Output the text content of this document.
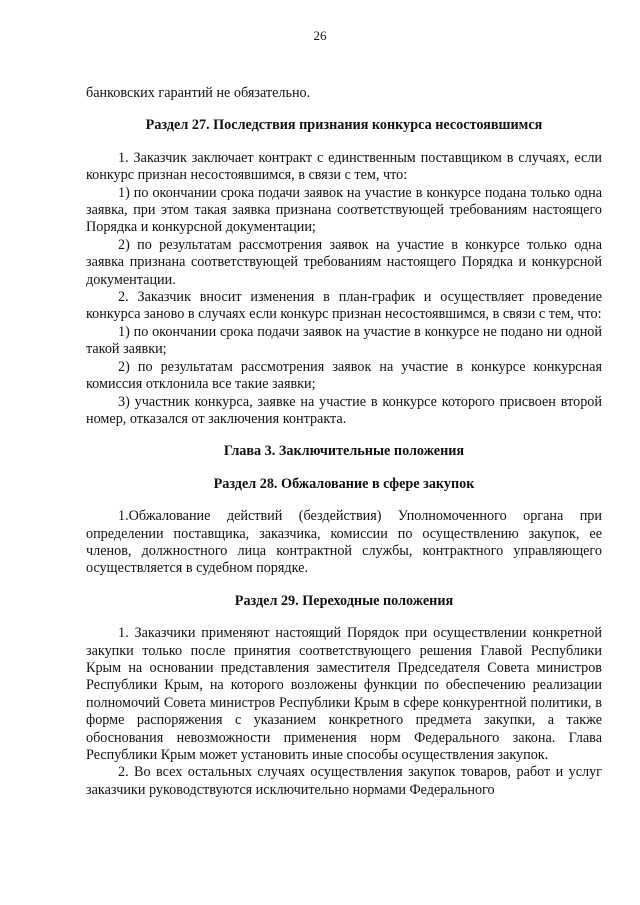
26

банковских гарантий не обязательно.

Раздел 27. Последствия признания конкурса несостоявшимся

1. Заказчик заключает контракт с единственным поставщиком в случаях, если конкурс признан несостоявшимся, в связи с тем, что:

1) по окончании срока подачи заявок на участие в конкурсе подана только одна заявка, при этом такая заявка признана соответствующей требованиям настоящего Порядка и конкурсной документации;

2) по результатам рассмотрения заявок на участие в конкурсе только одна заявка признана соответствующей требованиям настоящего Порядка и конкурсной документации.

2. Заказчик вносит изменения в план-график и осуществляет проведение конкурса заново в случаях если конкурс признан несостоявшимся, в связи с тем, что:

1) по окончании срока подачи заявок на участие в конкурсе не подано ни одной такой заявки;

2) по результатам рассмотрения заявок на участие в конкурсе конкурсная комиссия отклонила все такие заявки;

3) участник конкурса, заявке на участие в конкурсе которого присвоен второй номер, отказался от заключения контракта.

Глава 3. Заключительные положения

Раздел 28. Обжалование в сфере закупок

1.Обжалование действий (бездействия) Уполномоченного органа при определении поставщика, заказчика, комиссии по осуществлению закупок, ее членов, должностного лица контрактной службы, контрактного управляющего осуществляется в судебном порядке.

Раздел 29. Переходные положения

1. Заказчики применяют настоящий Порядок при осуществлении конкретной закупки только после принятия соответствующего решения Главой Республики Крым на основании представления заместителя Председателя Совета министров Республики Крым, на которого возложены функции по обеспечению реализации полномочий Совета министров Республики Крым в сфере конкурентной политики, в форме распоряжения с указанием конкретного предмета закупки, а также обоснования невозможности применения норм Федерального закона. Глава Республики Крым может установить иные способы осуществления закупок.

2. Во всех остальных случаях осуществления закупок товаров, работ и услуг заказчики руководствуются исключительно нормами Федерального
